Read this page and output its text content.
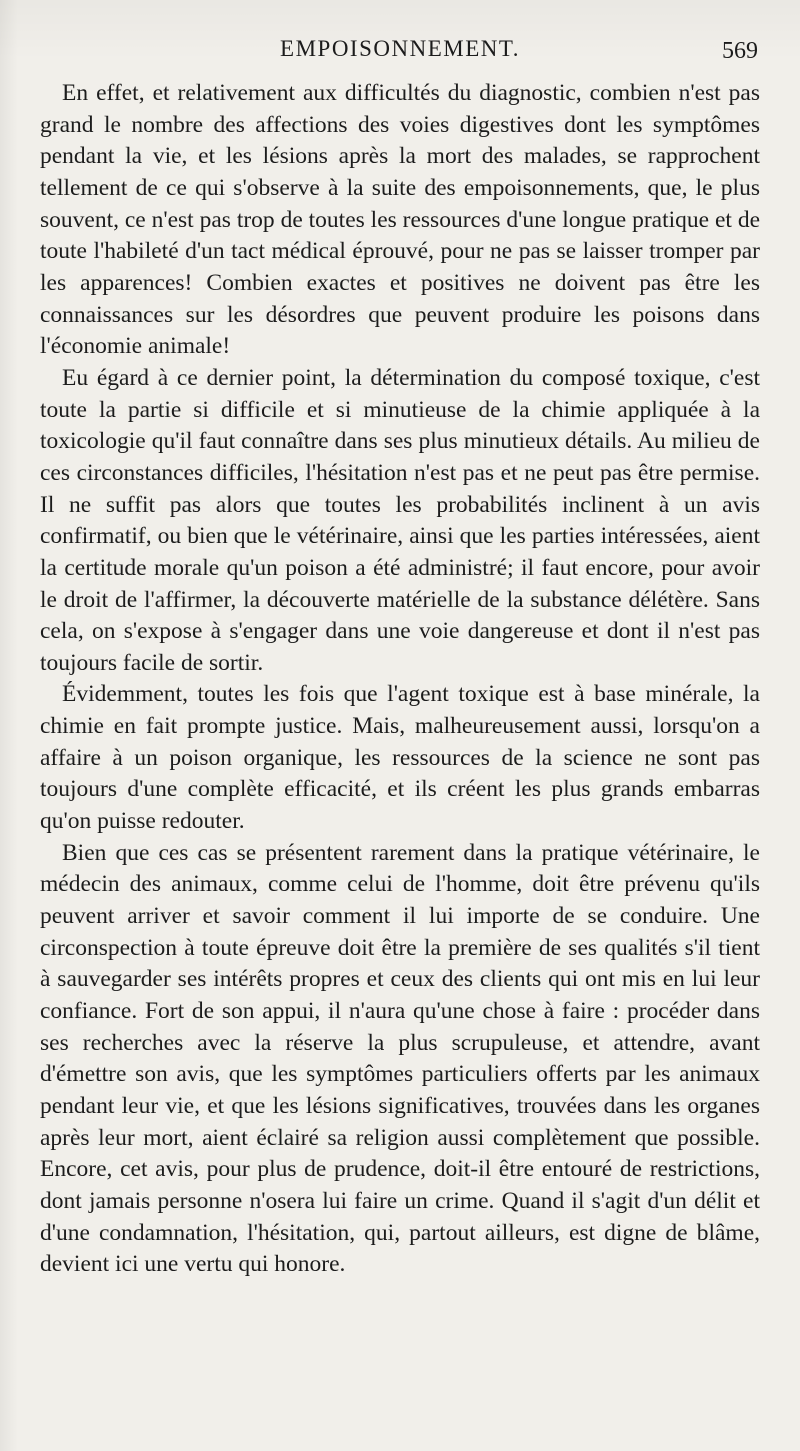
EMPOISONNEMENT.	569

En effet, et relativement aux difficultés du diagnostic, combien n'est pas grand le nombre des affections des voies digestives dont les symptômes pendant la vie, et les lésions après la mort des malades, se rapprochent tellement de ce qui s'observe à la suite des empoisonnements, que, le plus souvent, ce n'est pas trop de toutes les ressources d'une longue pratique et de toute l'habileté d'un tact médical éprouvé, pour ne pas se laisser tromper par les apparences! Combien exactes et positives ne doivent pas être les connaissances sur les désordres que peuvent produire les poisons dans l'économie animale!

Eu égard à ce dernier point, la détermination du composé toxique, c'est toute la partie si difficile et si minutieuse de la chimie appliquée à la toxicologie qu'il faut connaître dans ses plus minutieux détails. Au milieu de ces circonstances difficiles, l'hésitation n'est pas et ne peut pas être permise. Il ne suffit pas alors que toutes les probabilités inclinent à un avis confirmatif, ou bien que le vétérinaire, ainsi que les parties intéressées, aient la certitude morale qu'un poison a été administré; il faut encore, pour avoir le droit de l'affirmer, la découverte matérielle de la substance délétère. Sans cela, on s'expose à s'engager dans une voie dangereuse et dont il n'est pas toujours facile de sortir.

Évidemment, toutes les fois que l'agent toxique est à base minérale, la chimie en fait prompte justice. Mais, malheureusement aussi, lorsqu'on a affaire à un poison organique, les ressources de la science ne sont pas toujours d'une complète efficacité, et ils créent les plus grands embarras qu'on puisse redouter.

Bien que ces cas se présentent rarement dans la pratique vétérinaire, le médecin des animaux, comme celui de l'homme, doit être prévenu qu'ils peuvent arriver et savoir comment il lui importe de se conduire. Une circonspection à toute épreuve doit être la première de ses qualités s'il tient à sauvegarder ses intérêts propres et ceux des clients qui ont mis en lui leur confiance. Fort de son appui, il n'aura qu'une chose à faire : procéder dans ses recherches avec la réserve la plus scrupuleuse, et attendre, avant d'émettre son avis, que les symptômes particuliers offerts par les animaux pendant leur vie, et que les lésions significatives, trouvées dans les organes après leur mort, aient éclairé sa religion aussi complètement que possible. Encore, cet avis, pour plus de prudence, doit-il être entouré de restrictions, dont jamais personne n'osera lui faire un crime. Quand il s'agit d'un délit et d'une condamnation, l'hésitation, qui, partout ailleurs, est digne de blâme, devient ici une vertu qui honore.
